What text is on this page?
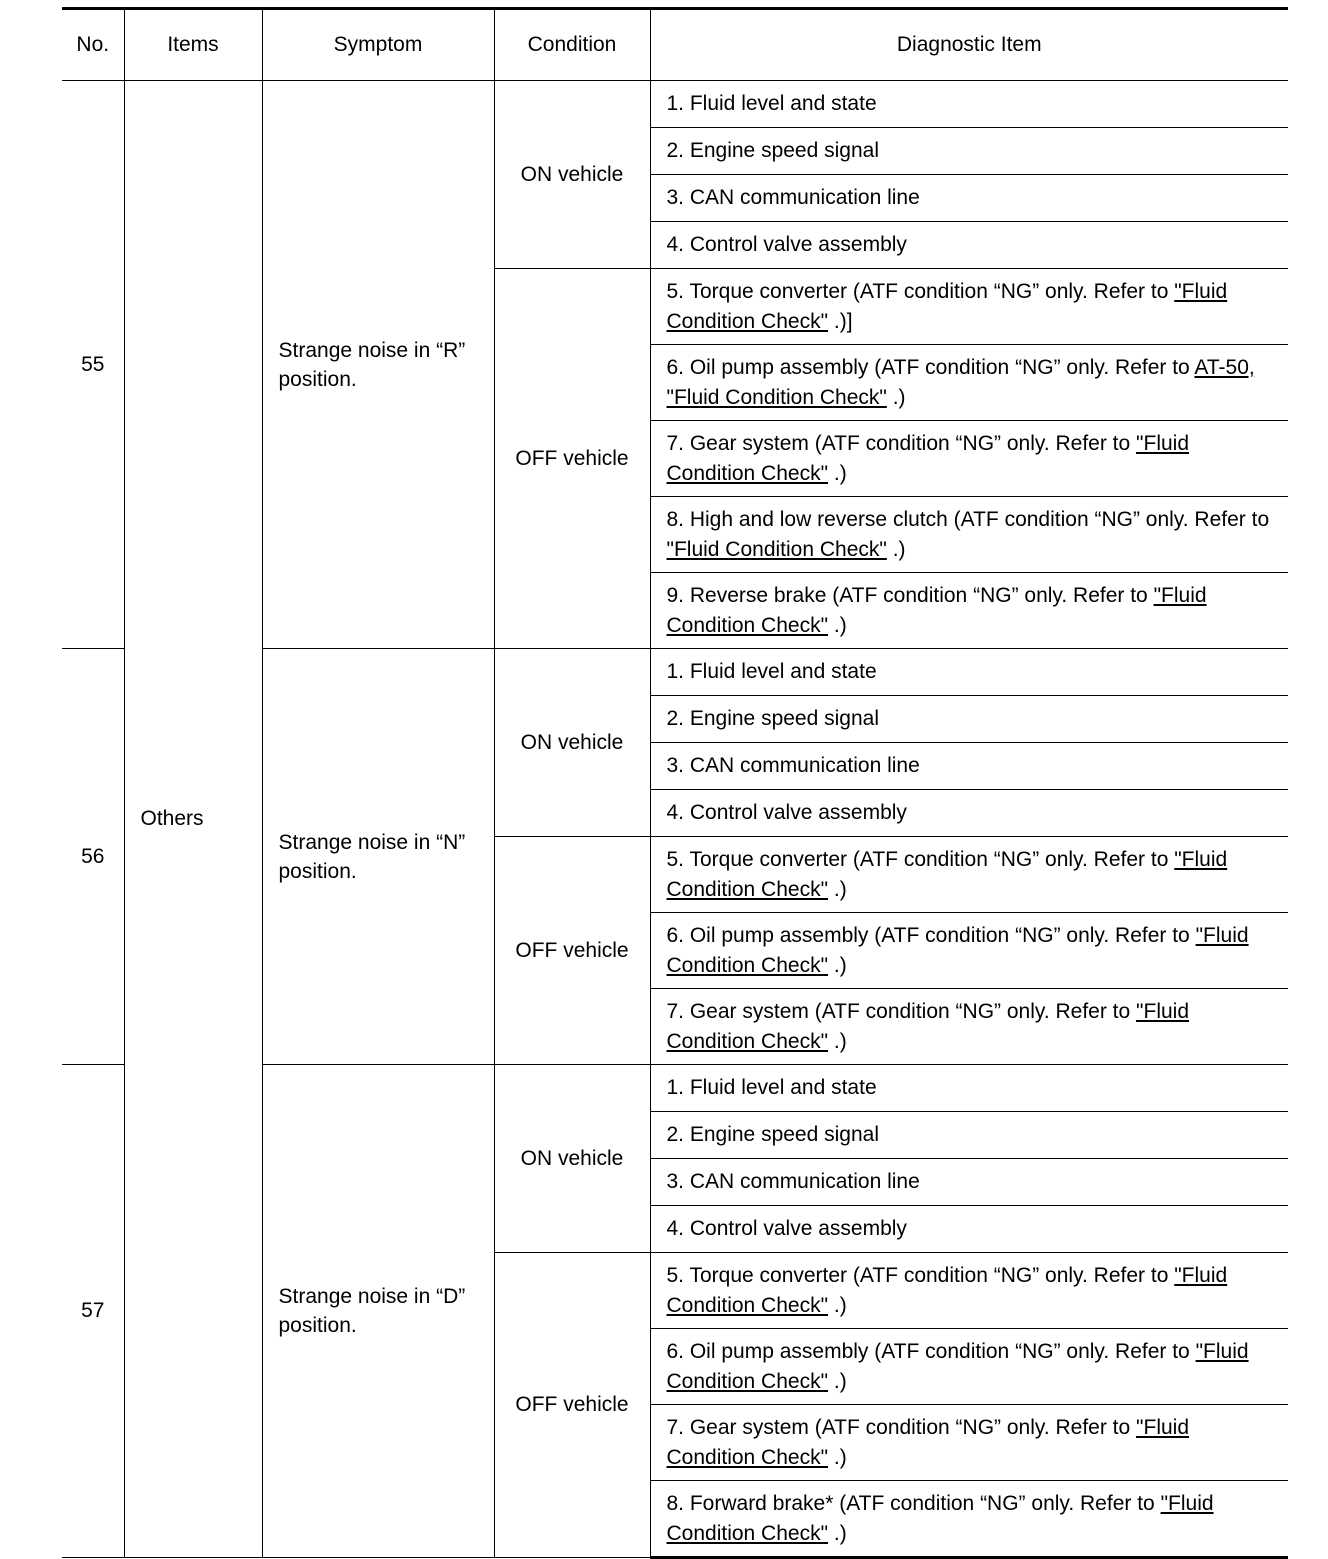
No.	Items	Symptom	Condition	Diagnostic Item
55	Others	Strange noise in “R” position.	ON vehicle	1. Fluid level and state
				2. Engine speed signal
				3. CAN communication line
				4. Control valve assembly
			OFF vehicle	5. Torque converter (ATF condition “NG” only. Refer to "Fluid Condition Check" .)]
				6. Oil pump assembly (ATF condition “NG” only. Refer to AT-50, "Fluid Condition Check" .)
				7. Gear system (ATF condition “NG” only. Refer to "Fluid Condition Check" .)
				8. High and low reverse clutch (ATF condition “NG” only. Refer to "Fluid Condition Check" .)
				9. Reverse brake (ATF condition “NG” only. Refer to "Fluid Condition Check" .)
56		Strange noise in “N” position.	ON vehicle	1. Fluid level and state
				2. Engine speed signal
				3. CAN communication line
				4. Control valve assembly
			OFF vehicle	5. Torque converter (ATF condition “NG” only. Refer to "Fluid Condition Check" .)
				6. Oil pump assembly (ATF condition “NG” only. Refer to "Fluid Condition Check" .)
				7. Gear system (ATF condition “NG” only. Refer to "Fluid Condition Check" .)
57		Strange noise in “D” position.	ON vehicle	1. Fluid level and state
				2. Engine speed signal
				3. CAN communication line
				4. Control valve assembly
			OFF vehicle	5. Torque converter (ATF condition “NG” only. Refer to "Fluid Condition Check" .)
				6. Oil pump assembly (ATF condition “NG” only. Refer to "Fluid Condition Check" .)
				7. Gear system (ATF condition “NG” only. Refer to "Fluid Condition Check" .)
				8. Forward brake* (ATF condition “NG” only. Refer to "Fluid Condition Check" .)
